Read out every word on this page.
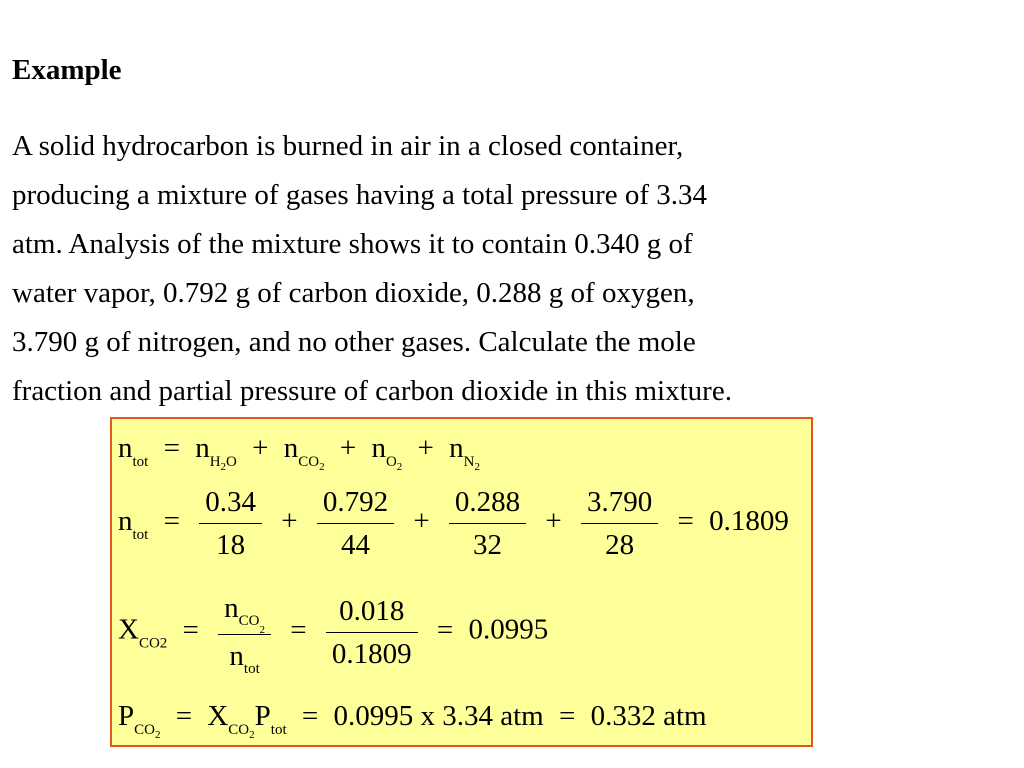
Example
A solid hydrocarbon is burned in air in a closed container,
producing a mixture of gases having a total pressure of 3.34
atm. Analysis of the mixture shows it to contain 0.340 g of
water vapor, 0.792 g of carbon dioxide, 0.288 g of oxygen,
3.790 g of nitrogen, and no other gases. Calculate the mole
fraction and partial pressure of carbon dioxide in this mixture.
$n_{tot} = n_{H_2O} + n_{CO_2} + n_{O_2} + n_{N_2}$
$n_{tot} = \frac{0.34}{18} + \frac{0.792}{44} + \frac{0.288}{32} + \frac{3.790}{28} = 0.1809$
$X_{CO2} = \frac{n_{CO_2}}{n_{tot}} = \frac{0.018}{0.1809} = 0.0995$
$P_{CO_2} = X_{CO_2}P_{tot} = 0.0995$ x 3.34 atm = 0.332 atm
